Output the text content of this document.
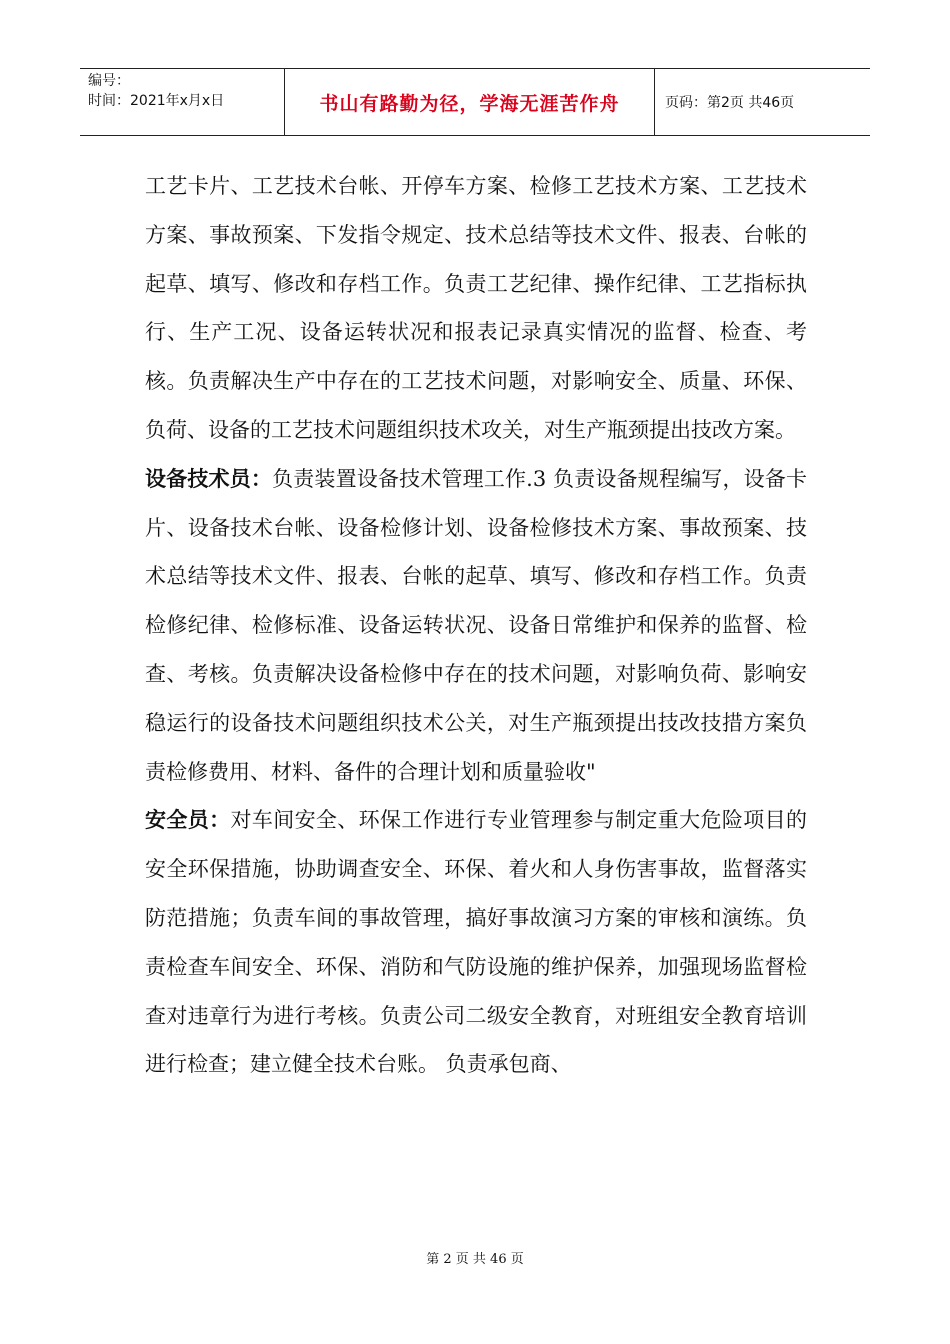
编号：
时间：2021年x月x日	书山有路勤为径，学海无涯苦作舟	页码：第2页 共46页

工艺卡片、工艺技术台帐、开停车方案、检修工艺技术方案、工艺技术方案、事故预案、下发指令规定、技术总结等技术文件、报表、台帐的起草、填写、修改和存档工作。负责工艺纪律、操作纪律、工艺指标执行、生产工况、设备运转状况和报表记录真实情况的监督、检查、考核。负责解决生产中存在的工艺技术问题，对影响安全、质量、环保、负荷、设备的工艺技术问题组织技术攻关，对生产瓶颈提出技改方案。

设备技术员：负责装置设备技术管理工作.3 负责设备规程编写，设备卡片、设备技术台帐、设备检修计划、设备检修技术方案、事故预案、技术总结等技术文件、报表、台帐的起草、填写、修改和存档工作。负责检修纪律、检修标准、设备运转状况、设备日常维护和保养的监督、检查、考核。负责解决设备检修中存在的技术问题，对影响负荷、影响安稳运行的设备技术问题组织技术公关，对生产瓶颈提出技改技措方案负责检修费用、材料、备件的合理计划和质量验收"

安全员：对车间安全、环保工作进行专业管理参与制定重大危险项目的安全环保措施，协助调查安全、环保、着火和人身伤害事故，监督落实防范措施；负责车间的事故管理，搞好事故演习方案的审核和演练。负责检查车间安全、环保、消防和气防设施的维护保养，加强现场监督检查对违章行为进行考核。负责公司二级安全教育，对班组安全教育培训进行检查；建立健全技术台账。 负责承包商、

第 2 页 共 46 页
